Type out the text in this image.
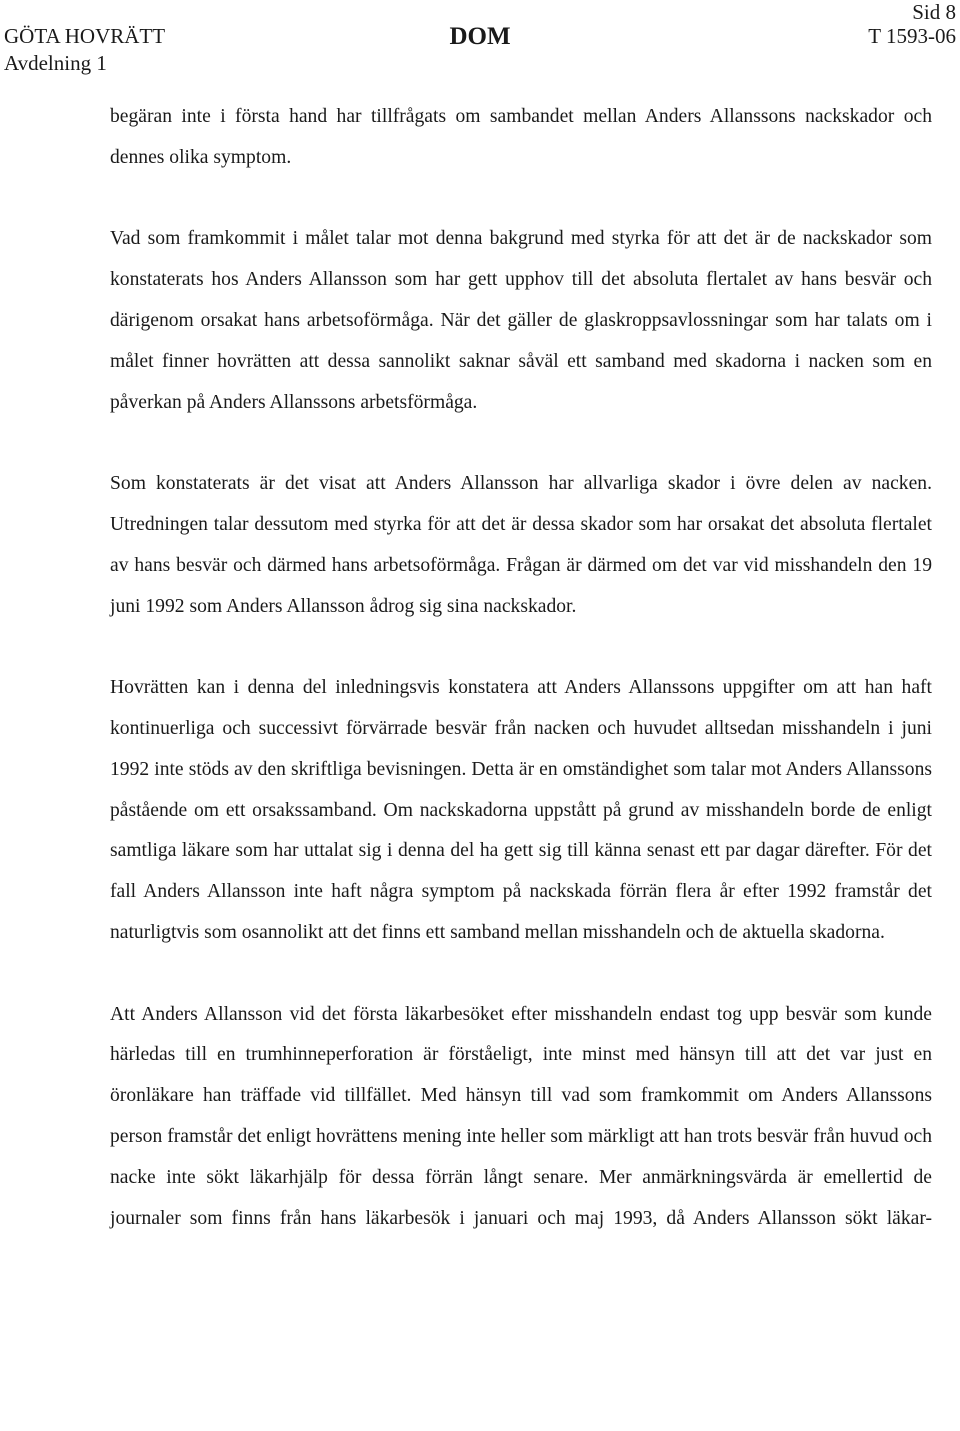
GÖTA HOVRÄTT
Avdelning 1
DOM
Sid 8
T 1593-06

begäran inte i första hand har tillfrågats om sambandet mellan Anders Allanssons nackskador och dennes olika symptom.

Vad som framkommit i målet talar mot denna bakgrund med styrka för att det är de nackskador som konstaterats hos Anders Allansson som har gett upphov till det absoluta flertalet av hans besvär och därigenom orsakat hans arbetsoförmåga. När det gäller de glaskroppsavlossningar som har talats om i målet finner hovrätten att dessa sannolikt saknar såväl ett samband med skadorna i nacken som en påverkan på Anders Allanssons arbetsförmåga.

Som konstaterats är det visat att Anders Allansson har allvarliga skador i övre delen av nacken. Utredningen talar dessutom med styrka för att det är dessa skador som har orsakat det absoluta flertalet av hans besvär och därmed hans arbetsoförmåga. Frågan är därmed om det var vid misshandeln den 19 juni 1992 som Anders Allansson ådrog sig sina nackskador.

Hovrätten kan i denna del inledningsvis konstatera att Anders Allanssons uppgifter om att han haft kontinuerliga och successivt förvärrade besvär från nacken och huvudet alltsedan misshandeln i juni 1992 inte stöds av den skriftliga bevisningen. Detta är en omständighet som talar mot Anders Allanssons påstående om ett orsakssamband. Om nackskadorna uppstått på grund av misshandeln borde de enligt samtliga läkare som har uttalat sig i denna del ha gett sig till känna senast ett par dagar därefter. För det fall Anders Allansson inte haft några symptom på nackskada förrän flera år efter 1992 framstår det naturligtvis som osannolikt att det finns ett samband mellan misshandeln och de aktuella skadorna.

Att Anders Allansson vid det första läkarbesöket efter misshandeln endast tog upp besvär som kunde härledas till en trumhinneperforation är förståeligt, inte minst med hänsyn till att det var just en öronläkare han träffade vid tillfället. Med hänsyn till vad som framkommit om Anders Allanssons person framstår det enligt hovrättens mening inte heller som märkligt att han trots besvär från huvud och nacke inte sökt läkarhjälp för dessa förrän långt senare. Mer anmärkningsvärda är emellertid de journaler som finns från hans läkarbesök i januari och maj 1993, då Anders Allansson sökt läkar-
